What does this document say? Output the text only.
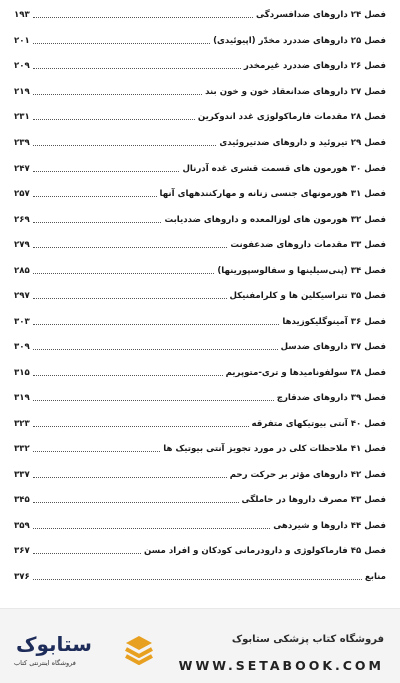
فصل ۲۴ داروهای ضدافسردگی
۱۹۳
فصل ۲۵ داروهای ضددرد مخدّر (اپیوئیدی)
۲۰۱
فصل ۲۶ داروهای ضددرد غیرمخدر
۲۰۹
فصل ۲۷ داروهای ضدانعقاد خون و خون بند
۲۱۹
فصل ۲۸ مقدمات فارماکولوژی غدد اندوکرین
۲۳۱
فصل ۲۹ تیروئید و داروهای ضدتیروئیدی
۲۳۹
فصل ۳۰ هورمون های قسمت قشری غده آدرنال
۲۴۷
فصل ۳۱ هورمونهای جنسی زنانه و مهارکنندههای آنها
۲۵۷
فصل ۳۲ هورمون های لوزالمعده و داروهای ضددیابت
۲۶۹
فصل ۳۳ مقدمات داروهای ضدعفونت
۲۷۹
فصل ۳۴ (پنی‌سیلینها و سفالوسپورینها)
۲۸۵
فصل ۳۵ تتراسیکلین ها و کلرامفنیکل
۲۹۷
فصل ۳۶ آمینوگلیکوزیدها
۳۰۳
فصل ۳۷ داروهای ضدسل
۳۰۹
فصل ۳۸ سولفونامیدها و تری-متوپریم
۳۱۵
فصل ۳۹ داروهای ضدقارچ
۳۱۹
فصل ۴۰ آنتی بیوتیکهای متفرقه
۳۲۳
فصل ۴۱ ملاحظات کلی در مورد تجویز آنتی بیوتیک ها
۳۳۲
فصل ۴۲ داروهای مؤثر بر حرکت رحم
۳۳۷
فصل ۴۳ مصرف داروها در حاملگی
۳۴۵
فصل ۴۴ داروها و شیردهی
۳۵۹
فصل ۴۵ فارماکولوژی و دارودرمانی کودکان و افراد مسن
۳۶۷
منابع
۳۷۶
ستابوک
فروشگاه اینترنتی کتاب
فروشگاه کتاب پزشکی ستابوک
WWW.SETABOOK.COM
